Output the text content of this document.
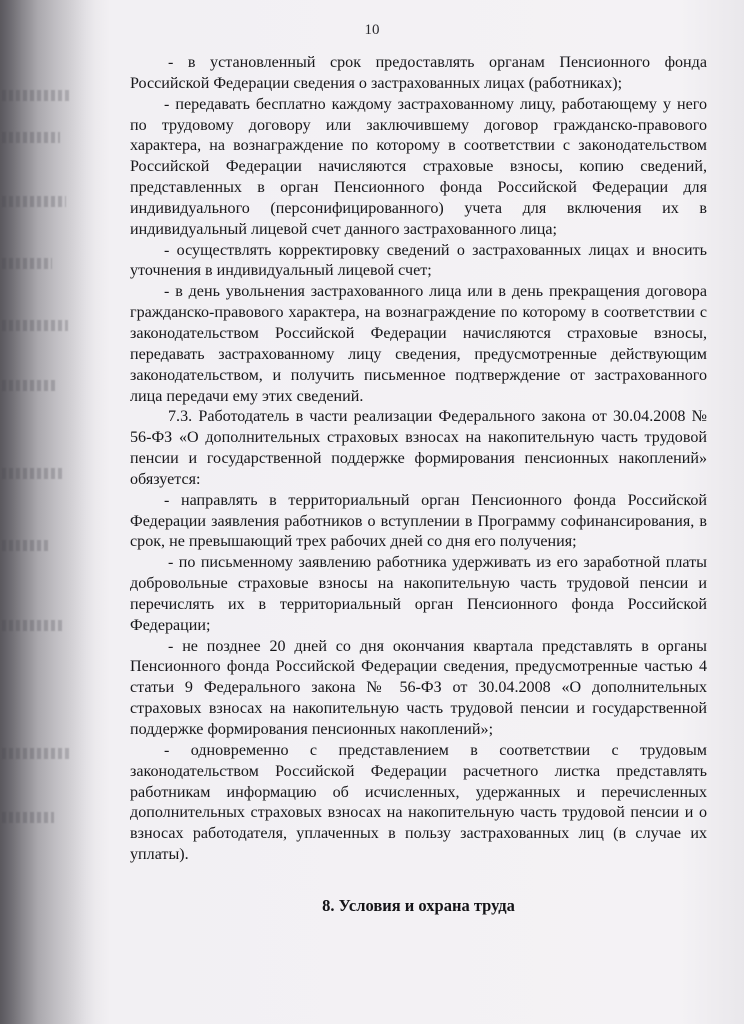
10

- в установленный срок предоставлять органам Пенсионного фонда Российской Федерации сведения о застрахованных лицах (работниках);

- передавать бесплатно каждому застрахованному лицу, работающему у него по трудовому договору или заключившему договор гражданско-правового характера, на вознаграждение по которому в соответствии с законодательством Российской Федерации начисляются страховые взносы, копию сведений, представленных в орган Пенсионного фонда Российской Федерации для индивидуального (персонифицированного) учета для включения их в индивидуальный лицевой счет данного застрахованного лица;

- осуществлять корректировку сведений о застрахованных лицах и вносить уточнения в индивидуальный лицевой счет;

- в день увольнения застрахованного лица или в день прекращения договора гражданско-правового характера, на вознаграждение по которому в соответствии с законодательством Российской Федерации начисляются страховые взносы, передавать застрахованному лицу сведения, предусмотренные действующим законодательством, и получить письменное подтверждение от застрахованного лица передачи ему этих сведений.

7.3. Работодатель в части реализации Федерального закона от 30.04.2008 № 56-ФЗ «О дополнительных страховых взносах на накопительную часть трудовой пенсии и государственной поддержке формирования пенсионных накоплений» обязуется:

- направлять в территориальный орган Пенсионного фонда Российской Федерации заявления работников о вступлении в Программу софинансирования, в срок, не превышающий трех рабочих дней со дня его получения;

- по письменному заявлению работника удерживать из его заработной платы добровольные страховые взносы на накопительную часть трудовой пенсии и перечислять их в территориальный орган Пенсионного фонда Российской Федерации;

- не позднее 20 дней со дня окончания квартала представлять в органы Пенсионного фонда Российской Федерации сведения, предусмотренные частью 4 статьи 9 Федерального закона № 56-ФЗ от 30.04.2008 «О дополнительных страховых взносах на накопительную часть трудовой пенсии и государственной поддержке формирования пенсионных накоплений»;

- одновременно с представлением в соответствии с трудовым законодательством Российской Федерации расчетного листка представлять работникам информацию об исчисленных, удержанных и перечисленных дополнительных страховых взносах на накопительную часть трудовой пенсии и о взносах работодателя, уплаченных в пользу застрахованных лиц (в случае их уплаты).

8. Условия и охрана труда
